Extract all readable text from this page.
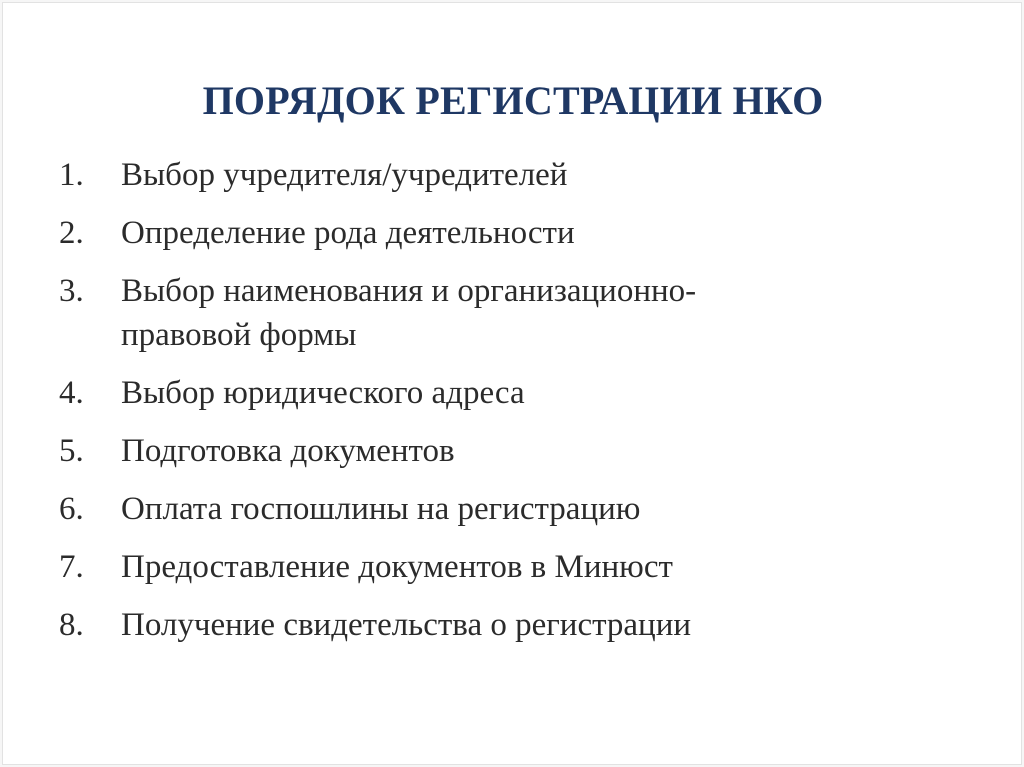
ПОРЯДОК РЕГИСТРАЦИИ НКО
1.	Выбор учредителя/учредителей
2.	Определение рода деятельности
3.	Выбор наименования и организационно-
правовой формы
4.	Выбор юридического адреса
5.	Подготовка документов
6.	Оплата госпошлины на регистрацию
7.	Предоставление документов в Минюст
8.	Получение свидетельства о регистрации
